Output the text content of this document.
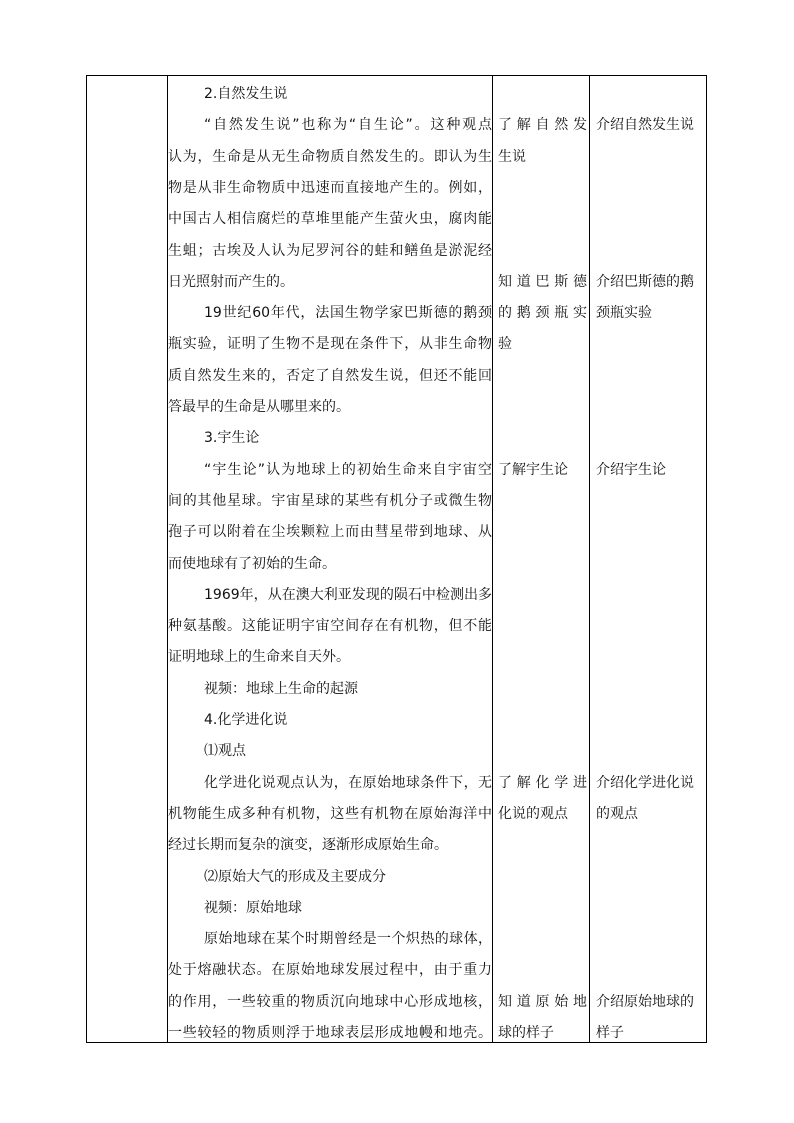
2.自然发生说
“自然发生说”也称为“自生论”。这种观点
认为，生命是从无生命物质自然发生的。即认为生
物是从非生命物质中迅速而直接地产生的。例如，
中国古人相信腐烂的草堆里能产生萤火虫，腐肉能
生蛆；古埃及人认为尼罗河谷的蛙和鳝鱼是淤泥经
日光照射而产生的。
19世纪60年代，法国生物学家巴斯德的鹅颈
瓶实验，证明了生物不是现在条件下，从非生命物
质自然发生来的，否定了自然发生说，但还不能回
答最早的生命是从哪里来的。
3.宇生论
“宇生论”认为地球上的初始生命来自宇宙空
间的其他星球。宇宙星球的某些有机分子或微生物
孢子可以附着在尘埃颗粒上而由彗星带到地球、从
而使地球有了初始的生命。
1969年，从在澳大利亚发现的陨石中检测出多
种氨基酸。这能证明宇宙空间存在有机物，但不能
证明地球上的生命来自天外。
视频：地球上生命的起源
4.化学进化说
⑴观点
化学进化说观点认为，在原始地球条件下，无
机物能生成多种有机物，这些有机物在原始海洋中
经过长期而复杂的演变，逐渐形成原始生命。
⑵原始大气的形成及主要成分
视频：原始地球
原始地球在某个时期曾经是一个炽热的球体，
处于熔融状态。在原始地球发展过程中，由于重力
的作用，一些较重的物质沉向地球中心形成地核，
一些较轻的物质则浮于地球表层形成地幔和地壳。
了解自然发
生说
知道巴斯德
的鹅颈瓶实
验
了解宇生论
了解化学进
化说的观点
知道原始地
球的样子
介绍自然发生说
介绍巴斯德的鹅
颈瓶实验
介绍宇生论
介绍化学进化说
的观点
介绍原始地球的
样子
